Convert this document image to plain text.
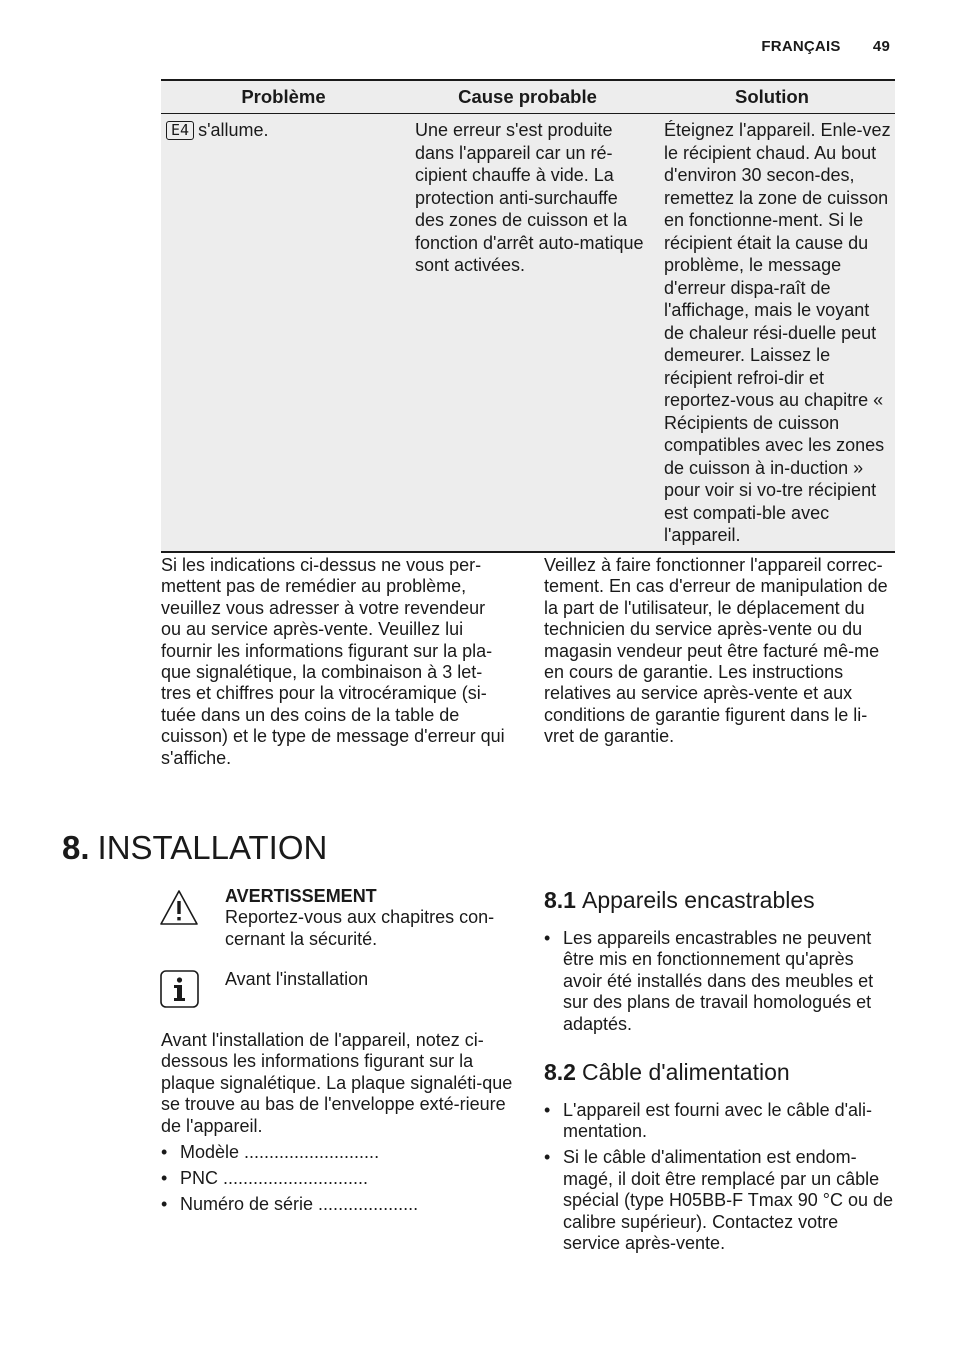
FRANÇAIS 49
Problème	Cause probable	Solution
E4 s'allume.	Une erreur s'est produite dans l'appareil car un ré-cipient chauffe à vide. La protection anti-surchauffe des zones de cuisson et la fonction d'arrêt auto-matique sont activées.	Éteignez l'appareil. Enle-vez le récipient chaud. Au bout d'environ 30 secon-des, remettez la zone de cuisson en fonctionne-ment. Si le récipient était la cause du problème, le message d'erreur dispa-raît de l'affichage, mais le voyant de chaleur rési-duelle peut demeurer. Laissez le récipient refroi-dir et reportez-vous au chapitre « Récipients de cuisson compatibles avec les zones de cuisson à in-duction » pour voir si vo-tre récipient est compati-ble avec l'appareil.
Si les indications ci-dessus ne vous per-mettent pas de remédier au problème, veuillez vous adresser à votre revendeur ou au service après-vente. Veuillez lui fournir les informations figurant sur la pla-que signalétique, la combinaison à 3 let-tres et chiffres pour la vitrocéramique (si-tuée dans un des coins de la table de cuisson) et le type de message d'erreur qui s'affiche.
Veillez à faire fonctionner l'appareil correc-tement. En cas d'erreur de manipulation de la part de l'utilisateur, le déplacement du technicien du service après-vente ou du magasin vendeur peut être facturé mê-me en cours de garantie. Les instructions relatives au service après-vente et aux conditions de garantie figurent dans le li-vret de garantie.
8. INSTALLATION
AVERTISSEMENT
Reportez-vous aux chapitres con-cernant la sécurité.
Avant l'installation
Avant l'installation de l'appareil, notez ci-dessous les informations figurant sur la plaque signalétique. La plaque signaléti-que se trouve au bas de l'enveloppe exté-rieure de l'appareil.
• Modèle ...........................
• PNC .............................
• Numéro de série ....................
8.1 Appareils encastrables
• Les appareils encastrables ne peuvent être mis en fonctionnement qu'après avoir été installés dans des meubles et sur des plans de travail homologués et adaptés.
8.2 Câble d'alimentation
• L'appareil est fourni avec le câble d'ali-mentation.
• Si le câble d'alimentation est endom-magé, il doit être remplacé par un câble spécial (type H05BB-F Tmax 90 °C ou de calibre supérieur). Contactez votre service après-vente.
